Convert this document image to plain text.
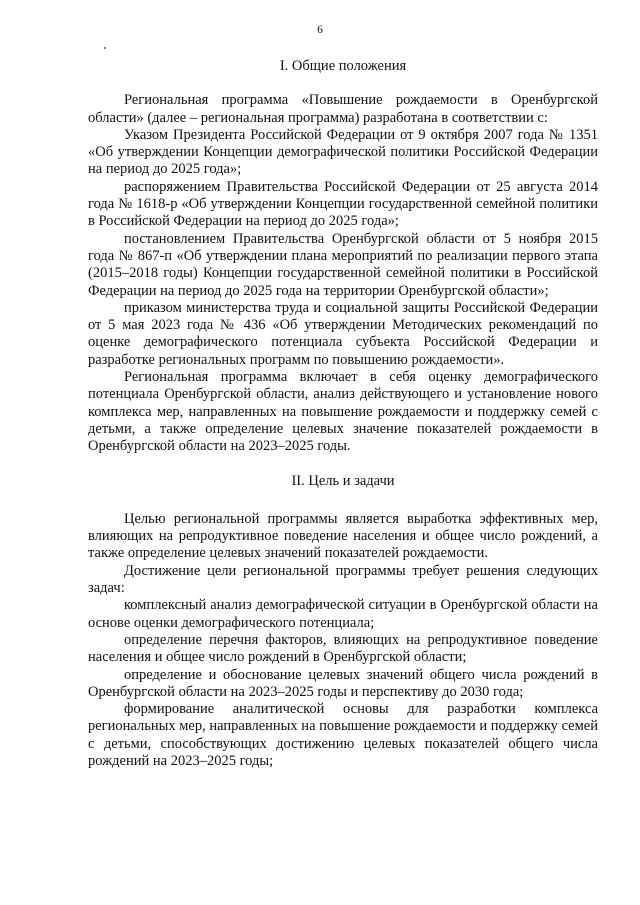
6
I. Общие положения

Региональная программа «Повышение рождаемости в Оренбургской области» (далее – региональная программа) разработана в соответствии с:

Указом Президента Российской Федерации от 9 октября 2007 года № 1351 «Об утверждении Концепции демографической политики Российской Федерации на период до 2025 года»;

распоряжением Правительства Российской Федерации от 25 августа 2014 года № 1618-р «Об утверждении Концепции государственной семейной политики в Российской Федерации на период до 2025 года»;

постановлением Правительства Оренбургской области от 5 ноября 2015 года № 867-п «Об утверждении плана мероприятий по реализации первого этапа (2015–2018 годы) Концепции государственной семейной политики в Российской Федерации на период до 2025 года на территории Оренбургской области»;

приказом министерства труда и социальной защиты Российской Федерации от 5 мая 2023 года № 436 «Об утверждении Методических рекомендаций по оценке демографического потенциала субъекта Российской Федерации и разработке региональных программ по повышению рождаемости».

Региональная программа включает в себя оценку демографического потенциала Оренбургской области, анализ действующего и установление нового комплекса мер, направленных на повышение рождаемости и поддержку семей с детьми, а также определение целевых значение показателей рождаемости в Оренбургской области на 2023–2025 годы.

II. Цель и задачи

Целью региональной программы является выработка эффективных мер, влияющих на репродуктивное поведение населения и общее число рождений, а также определение целевых значений показателей рождаемости.

Достижение цели региональной программы требует решения следующих задач:

комплексный анализ демографической ситуации в Оренбургской области на основе оценки демографического потенциала;

определение перечня факторов, влияющих на репродуктивное поведение населения и общее число рождений в Оренбургской области;

определение и обоснование целевых значений общего числа рождений в Оренбургской области на 2023–2025 годы и перспективу до 2030 года;

формирование аналитической основы для разработки комплекса региональных мер, направленных на повышение рождаемости и поддержку семей с детьми, способствующих достижению целевых показателей общего числа рождений на 2023–2025 годы;
